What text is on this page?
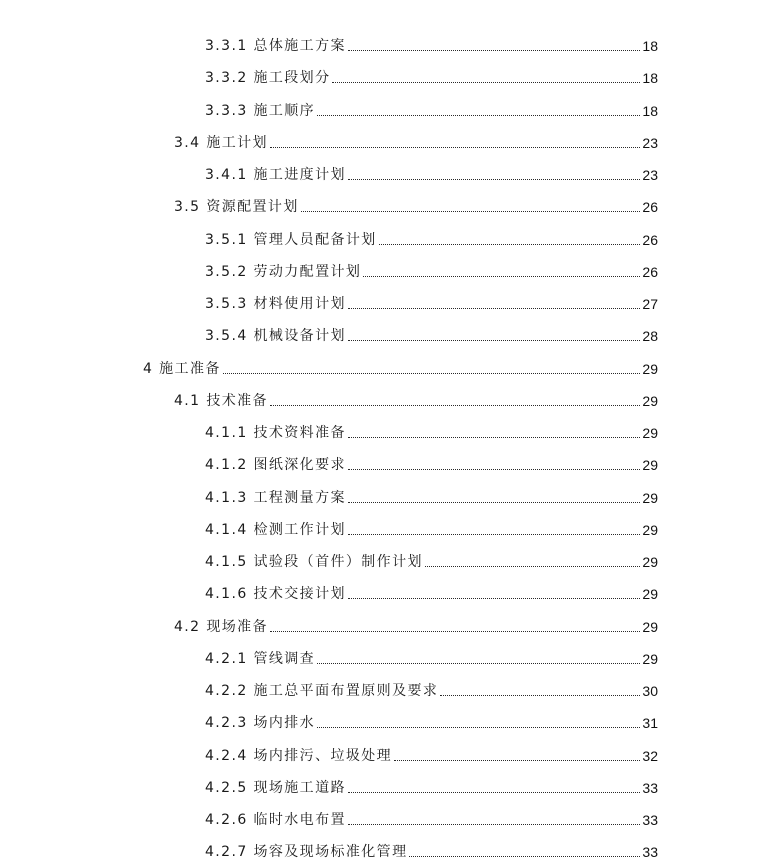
3.3.1 总体施工方案	18
3.3.2 施工段划分	18
3.3.3 施工顺序	18
3.4 施工计划	23
3.4.1 施工进度计划	23
3.5 资源配置计划	26
3.5.1 管理人员配备计划	26
3.5.2 劳动力配置计划	26
3.5.3 材料使用计划	27
3.5.4 机械设备计划	28
4 施工准备	29
4.1 技术准备	29
4.1.1 技术资料准备	29
4.1.2 图纸深化要求	29
4.1.3 工程测量方案	29
4.1.4 检测工作计划	29
4.1.5 试验段（首件）制作计划	29
4.1.6 技术交接计划	29
4.2 现场准备	29
4.2.1 管线调查	29
4.2.2 施工总平面布置原则及要求	30
4.2.3 场内排水	31
4.2.4 场内排污、垃圾处理	32
4.2.5 现场施工道路	33
4.2.6 临时水电布置	33
4.2.7 场容及现场标准化管理	33
